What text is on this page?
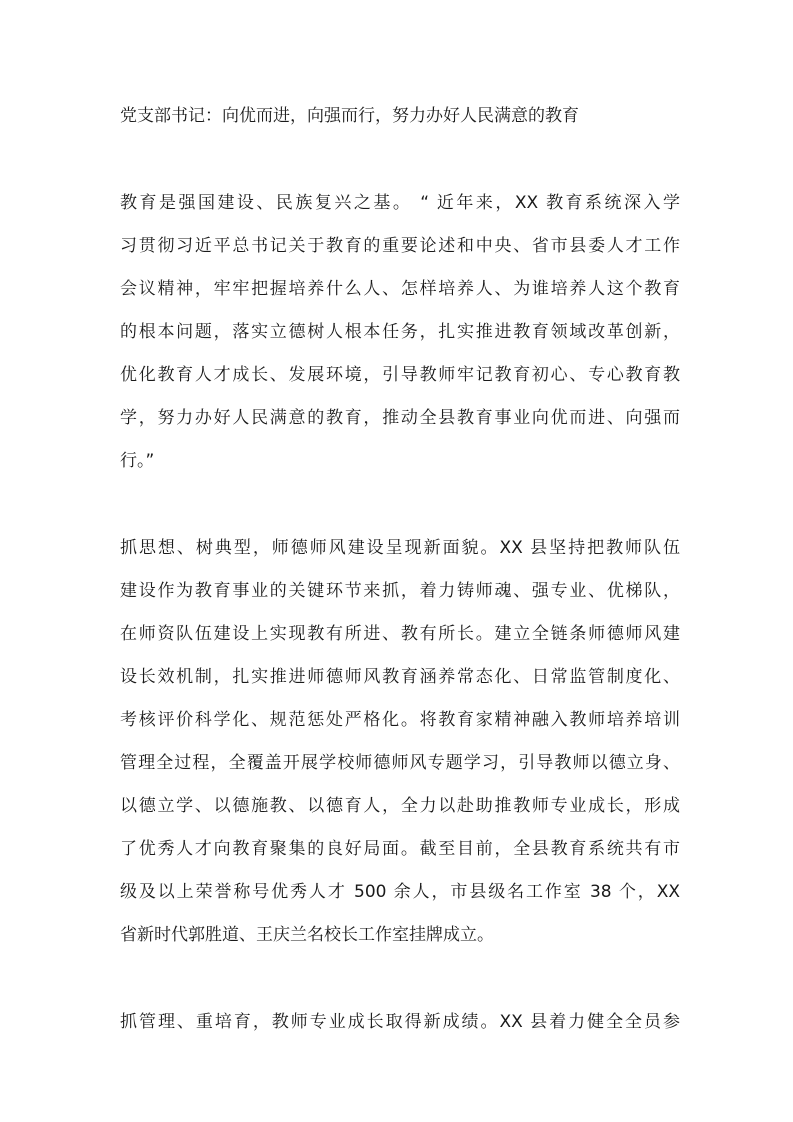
党支部书记：向优而进，向强而行，努力办好人民满意的教育

教育是强国建设、民族复兴之基。 “ 近年来，XX 教育系统深入学

习贯彻习近平总书记关于教育的重要论述和中央、省市县委人才工作

会议精神，牢牢把握培养什么人、怎样培养人、为谁培养人这个教育

的根本问题，落实立德树人根本任务，扎实推进教育领域改革创新，

优化教育人才成长、发展环境，引导教师牢记教育初心、专心教育教

学，努力办好人民满意的教育，推动全县教育事业向优而进、向强而

行。”

抓思想、树典型，师德师风建设呈现新面貌。XX 县坚持把教师队伍

建设作为教育事业的关键环节来抓，着力铸师魂、强专业、优梯队，

在师资队伍建设上实现教有所进、教有所长。建立全链条师德师风建

设长效机制，扎实推进师德师风教育涵养常态化、日常监管制度化、

考核评价科学化、规范惩处严格化。将教育家精神融入教师培养培训

管理全过程，全覆盖开展学校师德师风专题学习，引导教师以德立身、

以德立学、以德施教、以德育人，全力以赴助推教师专业成长，形成

了优秀人才向教育聚集的良好局面。截至目前，全县教育系统共有市

级及以上荣誉称号优秀人才 500 余人，市县级名工作室 38 个，XX

省新时代郭胜道、王庆兰名校长工作室挂牌成立。

抓管理、重培育，教师专业成长取得新成绩。XX 县着力健全全员参
